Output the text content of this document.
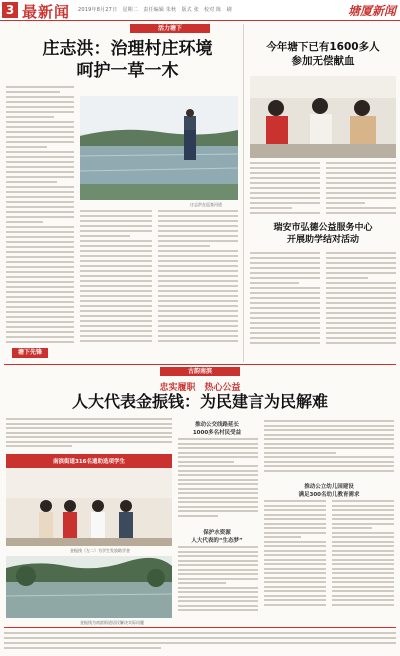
3 最新闻 2019年8月27日　星期二　责任编辑 朱秋　版式 张　校对 陈　刷	塘厦新闻
活力塘下
庄志洪：治理村庄环境
呵护一草一木
庄志洪在巡查河道
塘下先锋
今年塘下已有1600多人
参加无偿献血
瑞安市弘德公益服务中心
开展助学结对活动
古韵南滨
忠实履职　热心公益
人大代表金振钱：为民建言为民解难
南滨街道316名遗助选项学生
金振钱（左二）为学生发放助学金
金振钱为南滨街道居民解决实际问题
推动公交线路延长
1000多名村民受益
保护水资源
人大代表的“生态梦”
推动公立幼儿园建设
满足300名幼儿教育需求
